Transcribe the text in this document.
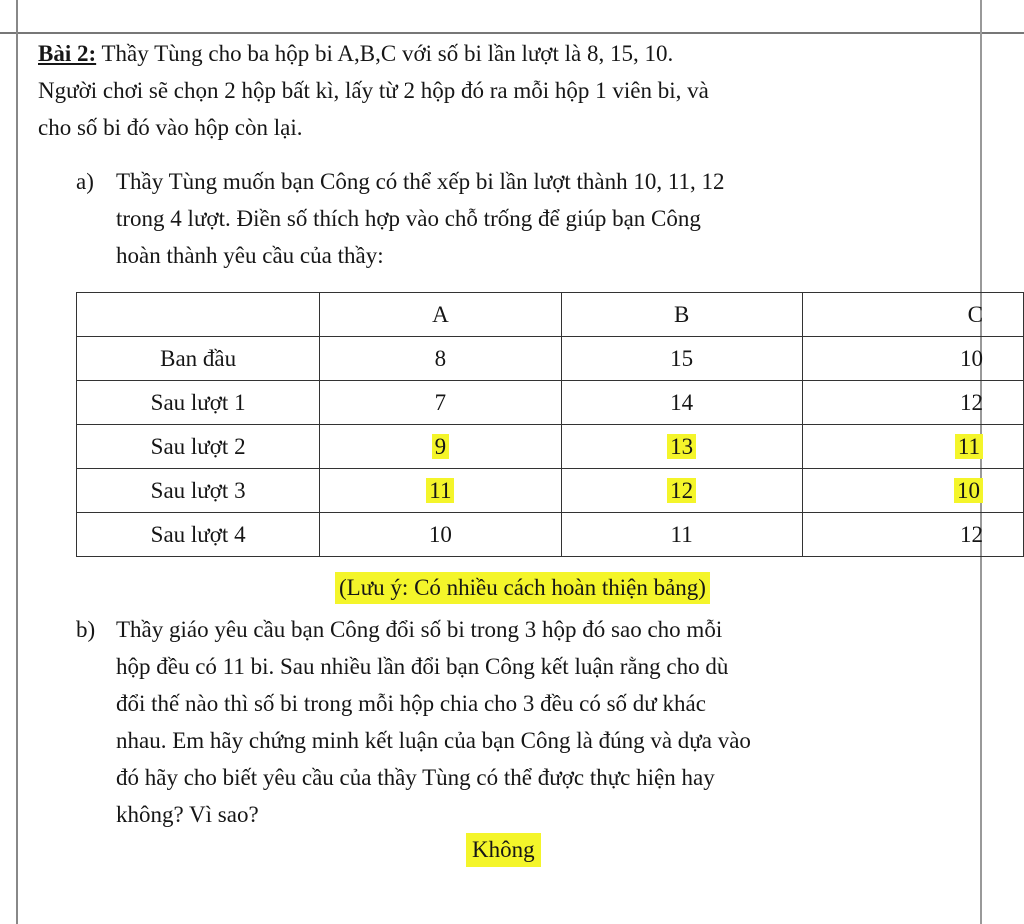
Bài 2: Thầy Tùng cho ba hộp bi A,B,C với số bi lần lượt là 8, 15, 10.
Người chơi sẽ chọn 2 hộp bất kì, lấy từ 2 hộp đó ra mỗi hộp 1 viên bi, và
cho số bi đó vào hộp còn lại.
a) Thầy Tùng muốn bạn Công có thể xếp bi lần lượt thành 10, 11, 12
trong 4 lượt. Điền số thích hợp vào chỗ trống để giúp bạn Công
hoàn thành yêu cầu của thầy:
	A	B	C
Ban đầu	8	15	10
Sau lượt 1	7	14	12
Sau lượt 2	9	13	11
Sau lượt 3	11	12	10
Sau lượt 4	10	11	12
(Lưu ý: Có nhiều cách hoàn thiện bảng)
b) Thầy giáo yêu cầu bạn Công đổi số bi trong 3 hộp đó sao cho mỗi
hộp đều có 11 bi. Sau nhiều lần đổi bạn Công kết luận rằng cho dù
đổi thế nào thì số bi trong mỗi hộp chia cho 3 đều có số dư khác
nhau. Em hãy chứng minh kết luận của bạn Công là đúng và dựa vào
đó hãy cho biết yêu cầu của thầy Tùng có thể được thực hiện hay
không? Vì sao?
Không
